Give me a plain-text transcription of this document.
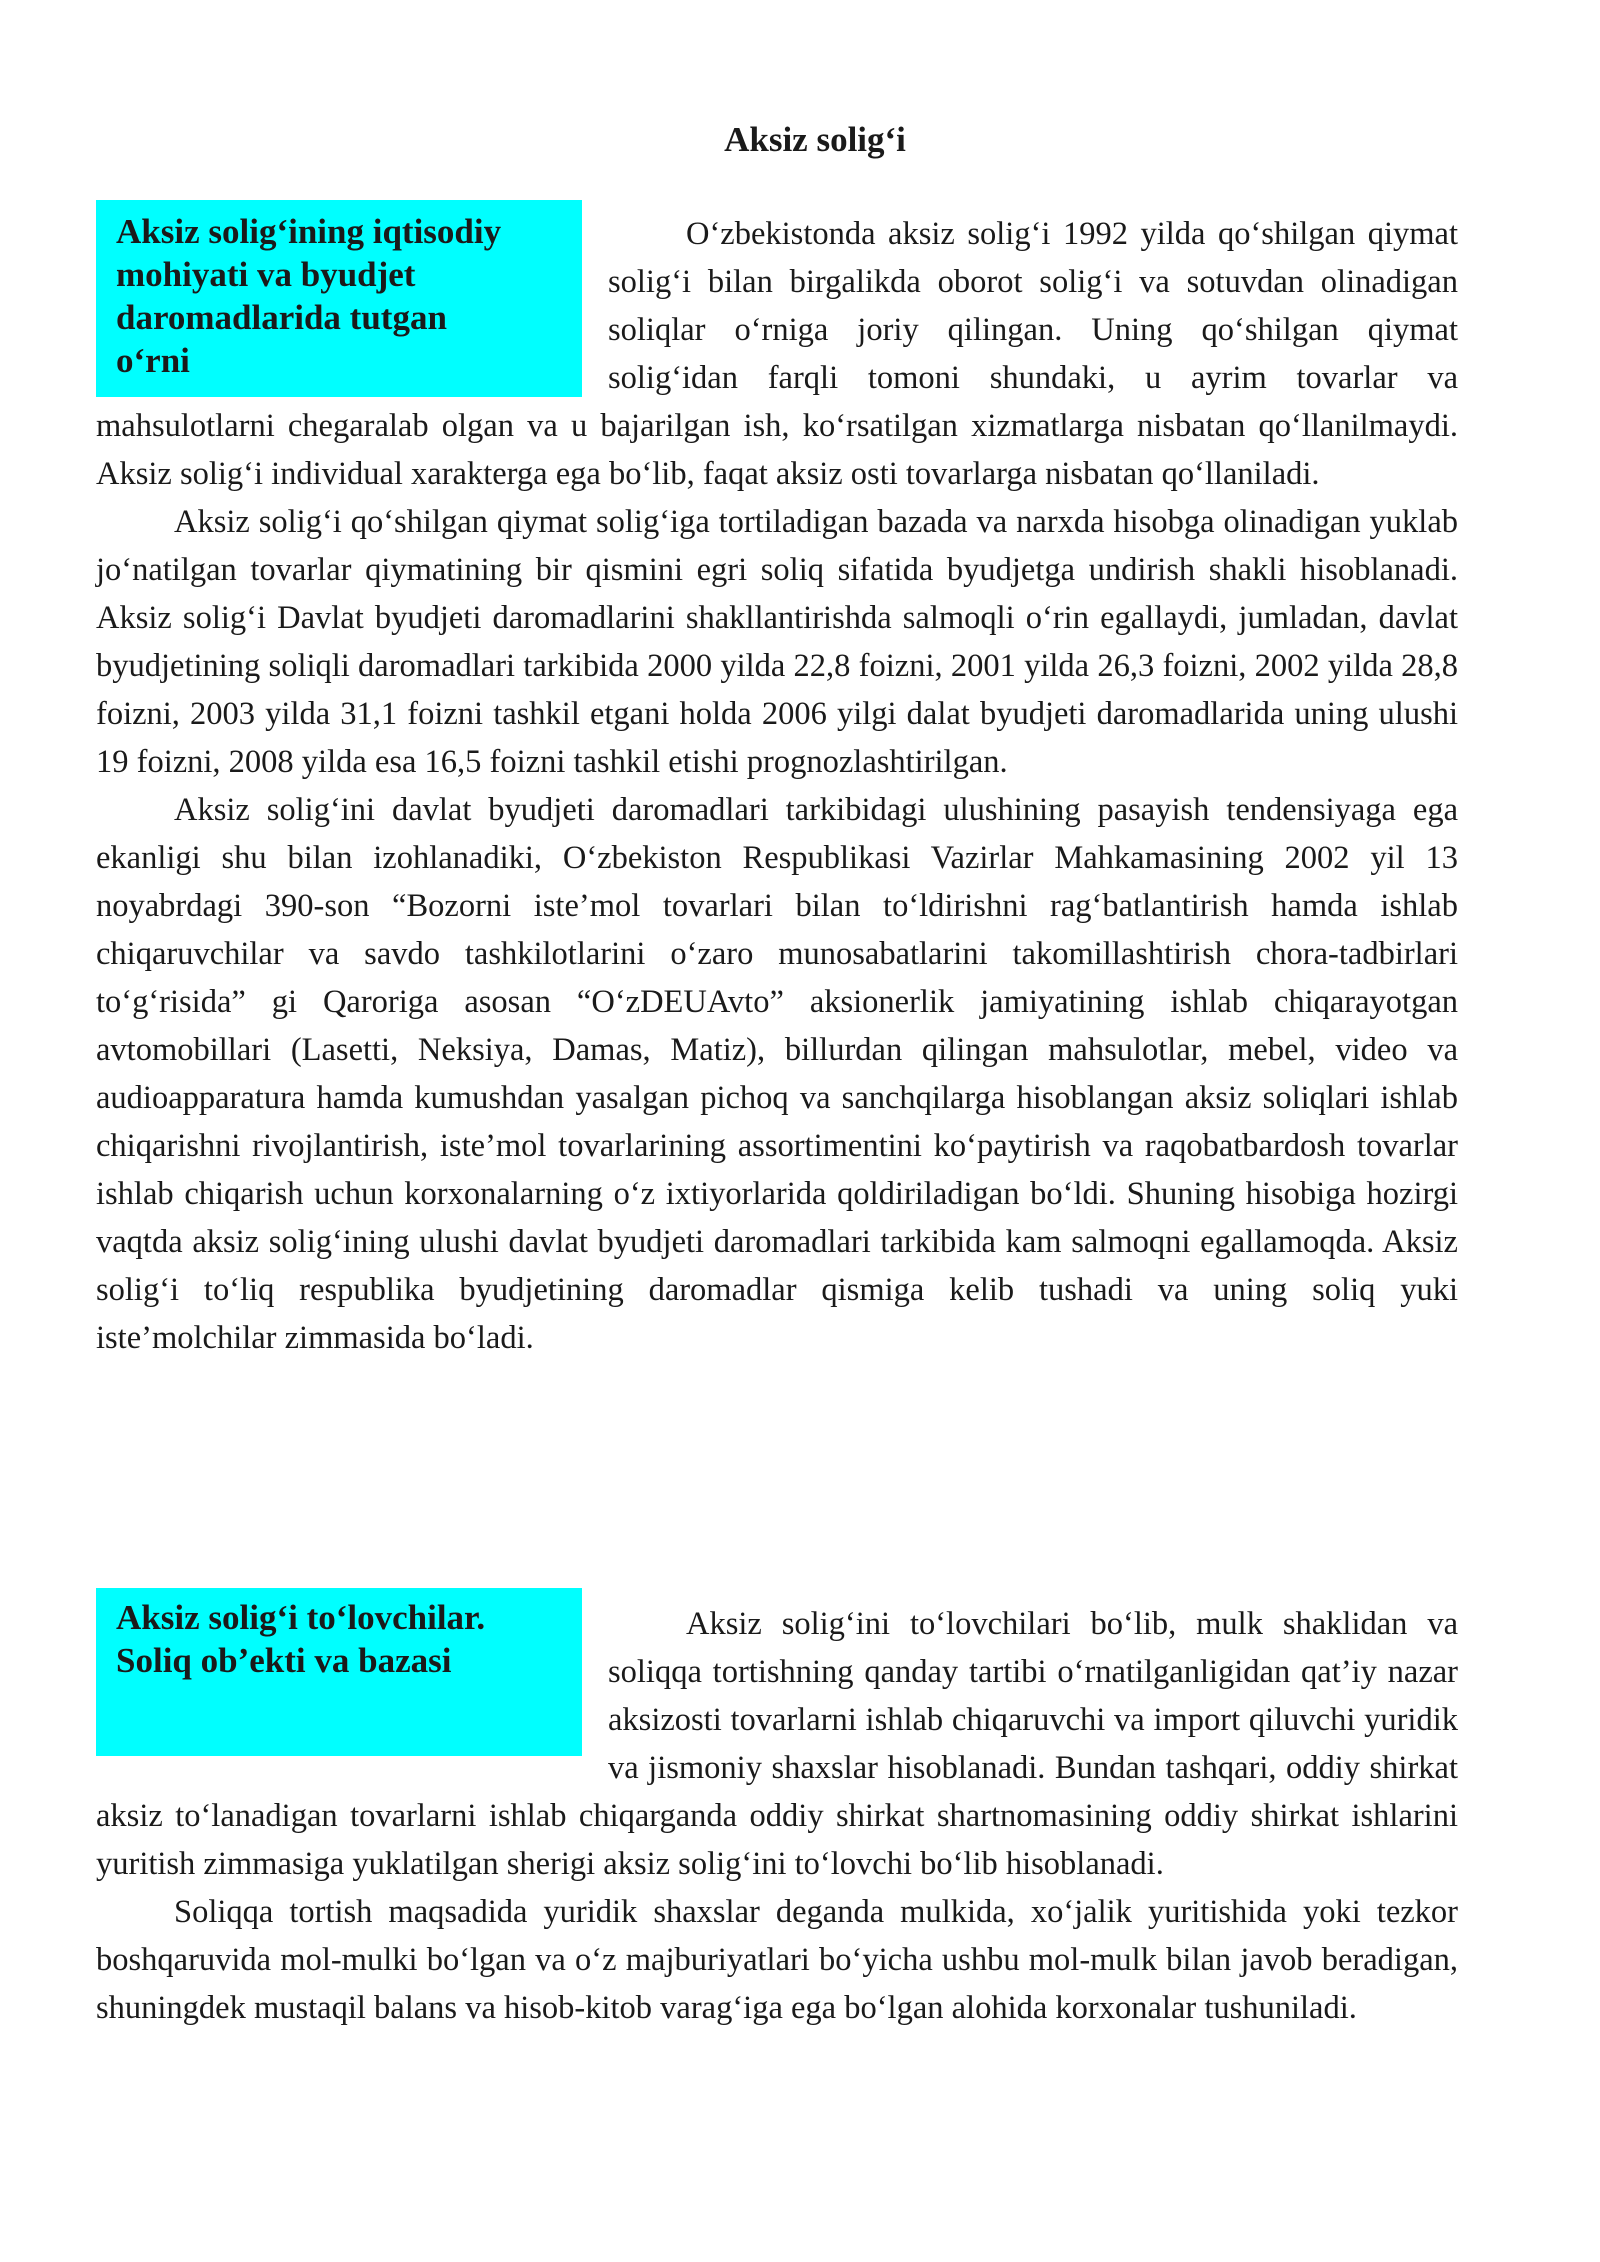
Aksiz solig‘i
Aksiz solig‘ining iqtisodiy
mohiyati va byudjet
daromadlarida tutgan
o‘rni

O‘zbekistonda aksiz solig‘i 1992 yilda qo‘shilgan qiymat solig‘i bilan birgalikda oborot solig‘i va sotuvdan olinadigan soliqlar o‘rniga joriy qilingan. Uning qo‘shilgan qiymat solig‘idan farqli tomoni shundaki, u ayrim tovarlar va mahsulotlarni chegaralab olgan va u bajarilgan ish, ko‘rsatilgan xizmatlarga nisbatan qo‘llanilmaydi. Aksiz solig‘i individual xarakterga ega bo‘lib, faqat aksiz osti tovarlarga nisbatan qo‘llaniladi.

Aksiz solig‘i qo‘shilgan qiymat solig‘iga tortiladigan bazada va narxda hisobga olinadigan yuklab jo‘natilgan tovarlar qiymatining bir qismini egri soliq sifatida byudjetga undirish shakli hisoblanadi. Aksiz solig‘i Davlat byudjeti daromadlarini shakllantirishda salmoqli o‘rin egallaydi, jumladan, davlat byudjetining soliqli daromadlari tarkibida 2000 yilda 22,8 foizni, 2001 yilda 26,3 foizni, 2002 yilda 28,8 foizni, 2003 yilda 31,1 foizni tashkil etgani holda 2006 yilgi dalat byudjeti daromadlarida uning ulushi 19 foizni, 2008 yilda esa 16,5 foizni tashkil etishi prognozlashtirilgan.

Aksiz solig‘ini davlat byudjeti daromadlari tarkibidagi ulushining pasayish tendensiyaga ega ekanligi shu bilan izohlanadiki, O‘zbekiston Respublikasi Vazirlar Mahkamasining 2002 yil 13 noyabrdagi 390-son “Bozorni iste’mol tovarlari bilan to‘ldirishni rag‘batlantirish hamda ishlab chiqaruvchilar va savdo tashkilotlarini o‘zaro munosabatlarini takomillashtirish chora-tadbirlari to‘g‘risida” gi Qaroriga asosan “O‘zDEUAvto” aksionerlik jamiyatining ishlab chiqarayotgan avtomobillari (Lasetti, Neksiya, Damas, Matiz), billurdan qilingan mahsulotlar, mebel, video va audioapparatura hamda kumushdan yasalgan pichoq va sanchqilarga hisoblangan aksiz soliqlari ishlab chiqarishni rivojlantirish, iste’mol tovarlarining assortimentini ko‘paytirish va raqobatbardosh tovarlar ishlab chiqarish uchun korxonalarning o‘z ixtiyorlarida qoldiriladigan bo‘ldi. Shuning hisobiga hozirgi vaqtda aksiz solig‘ining ulushi davlat byudjeti daromadlari tarkibida kam salmoqni egallamoqda. Aksiz solig‘i to‘liq respublika byudjetining daromadlar qismiga kelib tushadi va uning soliq yuki iste’molchilar zimmasida bo‘ladi.

Aksiz solig‘i to‘lovchilar.
Soliq ob’ekti va bazasi

Aksiz solig‘ini to‘lovchilari bo‘lib, mulk shaklidan va soliqqa tortishning qanday tartibi o‘rnatilganligidan qat’iy nazar aksizosti tovarlarni ishlab chiqaruvchi va import qiluvchi yuridik va jismoniy shaxslar hisoblanadi. Bundan tashqari, oddiy shirkat aksiz to‘lanadigan tovarlarni ishlab chiqarganda oddiy shirkat shartnomasining oddiy shirkat ishlarini yuritish zimmasiga yuklatilgan sherigi aksiz solig‘ini to‘lovchi bo‘lib hisoblanadi.

Soliqqa tortish maqsadida yuridik shaxslar deganda mulkida, xo‘jalik yuritishida yoki tezkor boshqaruvida mol-mulki bo‘lgan va o‘z majburiyatlari bo‘yicha ushbu mol-mulk bilan javob beradigan, shuningdek mustaqil balans va hisob-kitob varag‘iga ega bo‘lgan alohida korxonalar tushuniladi.
